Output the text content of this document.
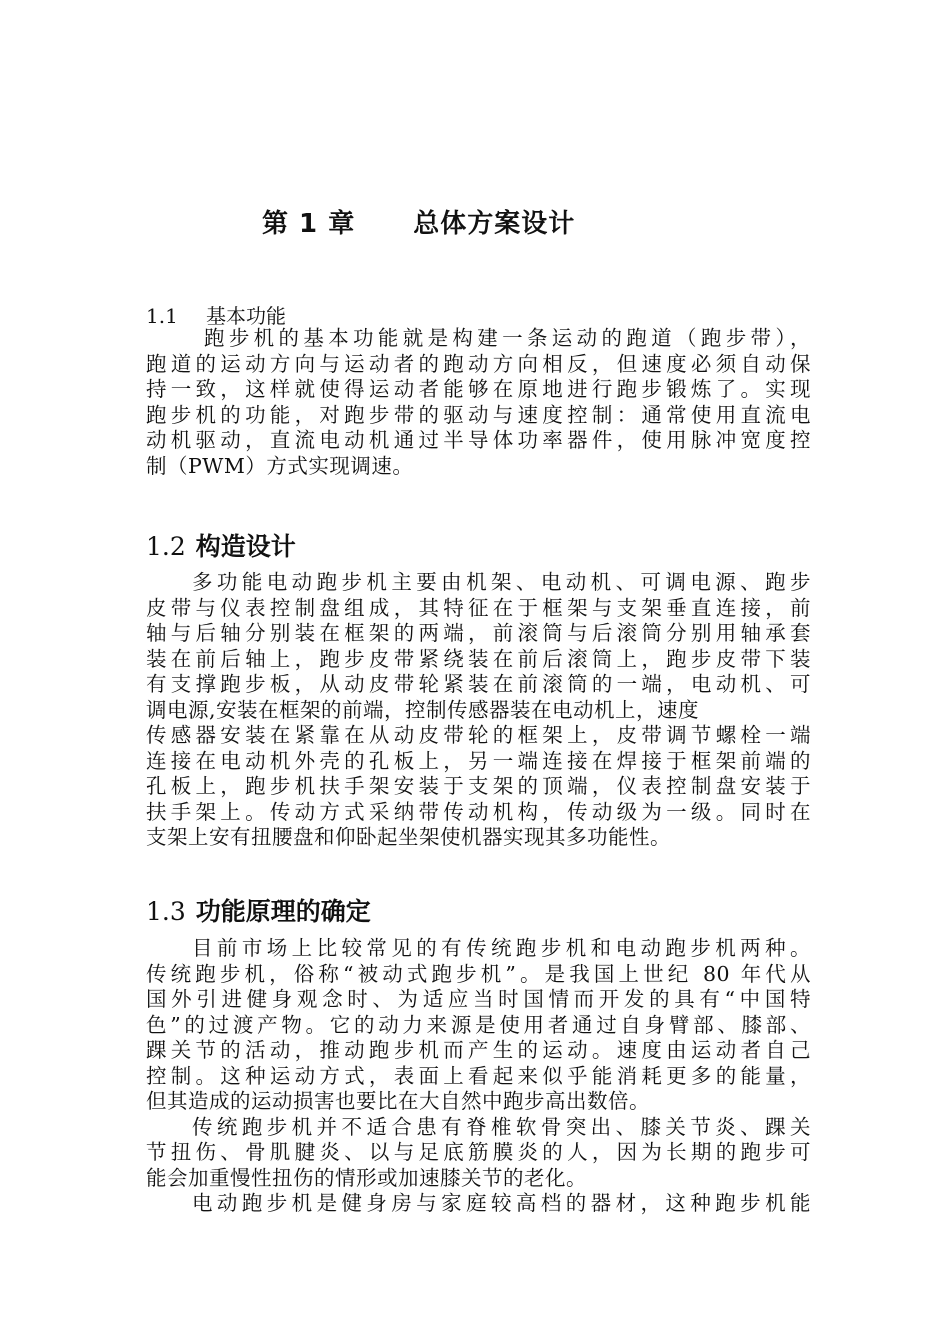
第 1 章 总体方案设计
1.1 基本功能
跑步机的基本功能就是构建一条运动的跑道（跑步带），
跑道的运动方向与运动者的跑动方向相反，但速度必须自动保
持一致，这样就使得运动者能够在原地进行跑步锻炼了。实现
跑步机的功能，对跑步带的驱动与速度控制：通常使用直流电
动机驱动，直流电动机通过半导体功率器件，使用脉冲宽度控
制（PWM）方式实现调速。
1.2 构造设计
多功能电动跑步机主要由机架、电动机、可调电源、跑步
皮带与仪表控制盘组成，其特征在于框架与支架垂直连接，前
轴与后轴分别装在框架的两端，前滚筒与后滚筒分别用轴承套
装在前后轴上，跑步皮带紧绕装在前后滚筒上，跑步皮带下装
有支撑跑步板，从动皮带轮紧装在前滚筒的一端，电动机、可
调电源,安装在框架的前端，控制传感器装在电动机上，速度
传感器安装在紧靠在从动皮带轮的框架上，皮带调节螺栓一端
连接在电动机外壳的孔板上，另一端连接在焊接于框架前端的
孔板上，跑步机扶手架安装于支架的顶端，仪表控制盘安装于
扶手架上。传动方式采纳带传动机构，传动级为一级。同时在
支架上安有扭腰盘和仰卧起坐架使机器实现其多功能性。
1.3 功能原理的确定
目前市场上比较常见的有传统跑步机和电动跑步机两种。
传统跑步机，俗称“被动式跑步机”。是我国上世纪 80 年代从
国外引进健身观念时、为适应当时国情而开发的具有“中国特
色”的过渡产物。它的动力来源是使用者通过自身臂部、膝部、
踝关节的活动，推动跑步机而产生的运动。速度由运动者自己
控制。这种运动方式，表面上看起来似乎能消耗更多的能量，
但其造成的运动损害也要比在大自然中跑步高出数倍。
传统跑步机并不适合患有脊椎软骨突出、膝关节炎、踝关
节扭伤、骨肌腱炎、以与足底筋膜炎的人，因为长期的跑步可
能会加重慢性扭伤的情形或加速膝关节的老化。
电动跑步机是健身房与家庭较高档的器材，这种跑步机能
